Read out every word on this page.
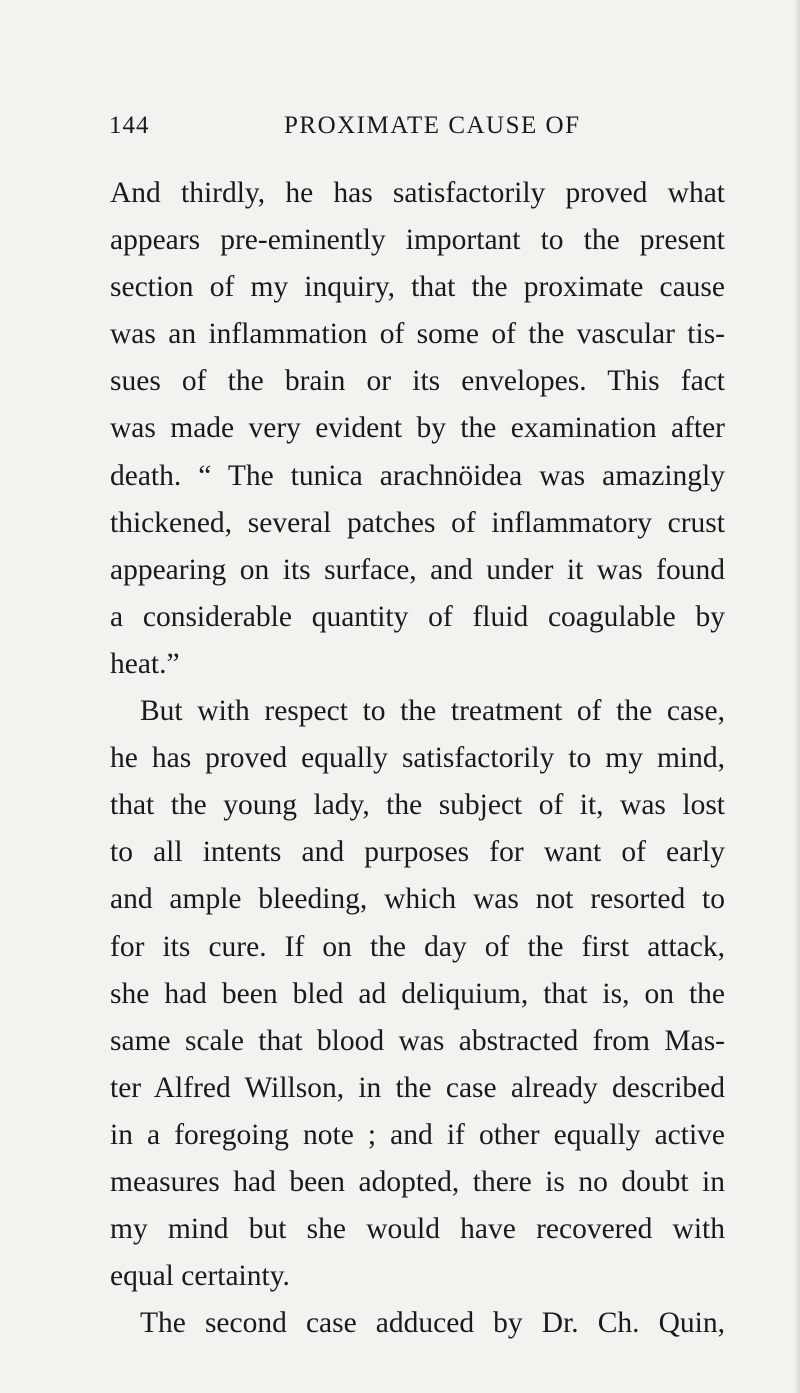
144	PROXIMATE CAUSE OF
And thirdly, he has satisfactorily proved what
appears pre-eminently important to the present
section of my inquiry, that the proximate cause
was an inflammation of some of the vascular tis-
sues of the brain or its envelopes. This fact
was made very evident by the examination after
death. “ The tunica arachnöidea was amazingly
thickened, several patches of inflammatory crust
appearing on its surface, and under it was found
a considerable quantity of fluid coagulable by
heat.”
But with respect to the treatment of the case,
he has proved equally satisfactorily to my mind,
that the young lady, the subject of it, was lost
to all intents and purposes for want of early
and ample bleeding, which was not resorted to
for its cure. If on the day of the first attack,
she had been bled ad deliquium, that is, on the
same scale that blood was abstracted from Mas-
ter Alfred Willson, in the case already described
in a foregoing note ; and if other equally active
measures had been adopted, there is no doubt in
my mind but she would have recovered with
equal certainty.
The second case adduced by Dr. Ch. Quin,
